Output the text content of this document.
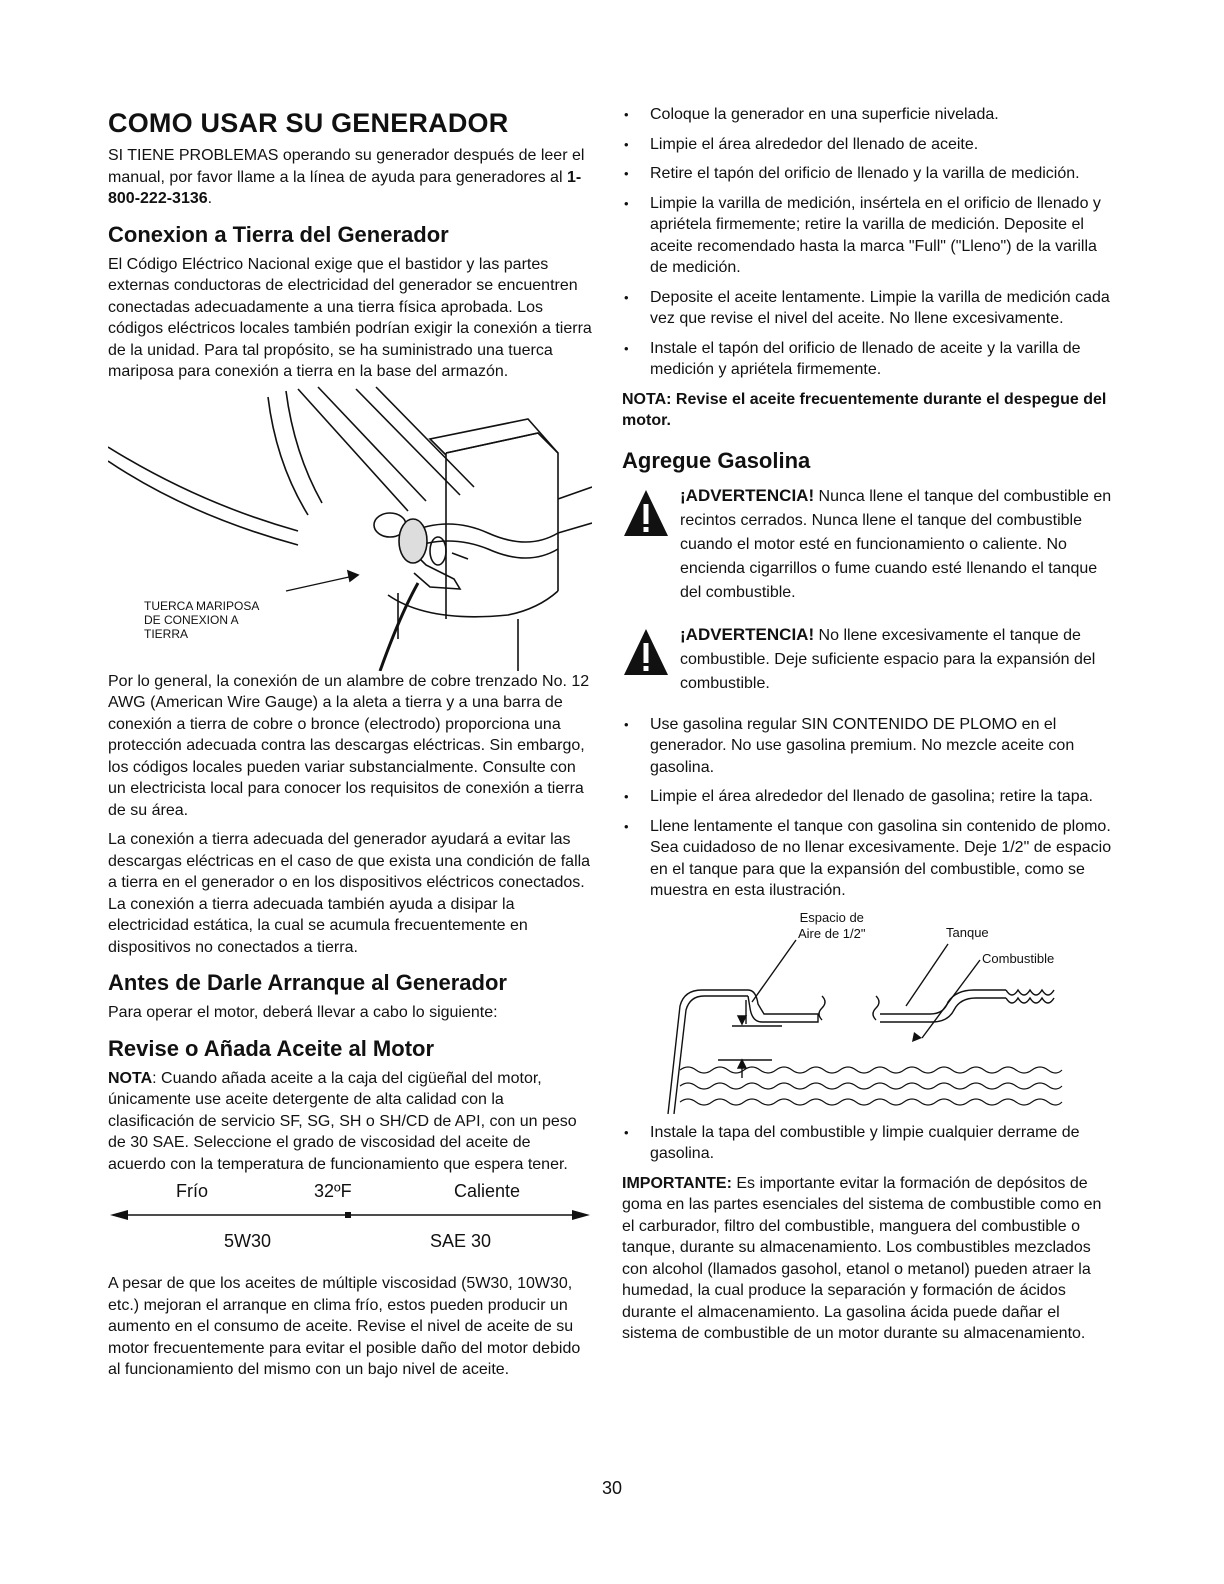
COMO USAR SU GENERADOR

SI TIENE PROBLEMAS operando su generador después de leer el manual, por favor llame a la línea de ayuda para generadores al 1-800-222-3136.

Conexion a Tierra del Generador

El Código Eléctrico Nacional exige que el bastidor y las partes externas conductoras de electricidad del generador se encuentren conectadas adecuadamente a una tierra física aprobada. Los códigos eléctricos locales también podrían exigir la conexión a tierra de la unidad. Para tal propósito, se ha suministrado una tuerca mariposa para conexión a tierra en la base del armazón.

TUERCA MARIPOSA
DE CONEXION A
TIERRA

Por lo general, la conexión de un alambre de cobre trenzado No. 12 AWG (American Wire Gauge) a la aleta a tierra y a una barra de conexión a tierra de cobre o bronce (electrodo) proporciona una protección adecuada contra las descargas eléctricas. Sin embargo, los códigos locales pueden variar substancialmente. Consulte con un electricista local para conocer los requisitos de conexión a tierra de su área.

La conexión a tierra adecuada del generador ayudará a evitar las descargas eléctricas en el caso de que exista una condición de falla a tierra en el generador o en los dispositivos eléctricos conectados. La conexión a tierra adecuada también ayuda a disipar la electricidad estática, la cual se acumula frecuentemente en dispositivos no conectados a tierra.

Antes de Darle Arranque al Generador

Para operar el motor, deberá llevar a cabo lo siguiente:

Revise o Añada Aceite al Motor

NOTA: Cuando añada aceite a la caja del cigüeñal del motor, únicamente use aceite detergente de alta calidad con la clasificación de servicio SF, SG, SH o SH/CD de API, con un peso de 30 SAE. Seleccione el grado de viscosidad del aceite de acuerdo con la temperatura de funcionamiento que espera tener.

Frío	32ºF	Caliente
5W30	SAE 30

A pesar de que los aceites de múltiple viscosidad (5W30, 10W30, etc.) mejoran el arranque en clima frío, estos pueden producir un aumento en el consumo de aceite. Revise el nivel de aceite de su motor frecuentemente para evitar el posible daño del motor debido al funcionamiento del mismo con un bajo nivel de aceite.

• Coloque la generador en una superficie nivelada.
• Limpie el área alrededor del llenado de aceite.
• Retire el tapón del orificio de llenado y la varilla de medición.
• Limpie la varilla de medición, insértela en el orificio de llenado y apriétela firmemente; retire la varilla de medición. Deposite el aceite recomendado hasta la marca "Full" ("Lleno") de la varilla de medición.
• Deposite el aceite lentamente. Limpie la varilla de medición cada vez que revise el nivel del aceite. No llene excesivamente.
• Instale el tapón del orificio de llenado de aceite y la varilla de medición y apriétela firmemente.

NOTA: Revise el aceite frecuentemente durante el despegue del motor.

Agregue Gasolina

¡ADVERTENCIA! Nunca llene el tanque del combustible en recintos cerrados. Nunca llene el tanque del combustible cuando el motor esté en funcionamiento o caliente. No encienda cigarrillos o fume cuando esté llenando el tanque del combustible.

¡ADVERTENCIA! No llene excesivamente el tanque de combustible. Deje suficiente espacio para la expansión del combustible.

• Use gasolina regular SIN CONTENIDO DE PLOMO en el generador. No use gasolina premium. No mezcle aceite con gasolina.
• Limpie el área alrededor del llenado de gasolina; retire la tapa.
• Llene lentamente el tanque con gasolina sin contenido de plomo. Sea cuidadoso de no llenar excesivamente. Deje 1/2" de espacio en el tanque para que la expansión del combustible, como se muestra en esta ilustración.
Espacio de
Aire de 1/2"	Tanque
Combustible
• Instale la tapa del combustible y limpie cualquier derrame de gasolina.

IMPORTANTE: Es importante evitar la formación de depósitos de goma en las partes esenciales del sistema de combustible como en el carburador, filtro del combustible, manguera del combustible o tanque, durante su almacenamiento. Los combustibles mezclados con alcohol (llamados gasohol, etanol o metanol) pueden atraer la humedad, la cual produce la separación y formación de ácidos durante el almacenamiento. La gasolina ácida puede dañar el sistema de combustible de un motor durante su almacenamiento.

30
